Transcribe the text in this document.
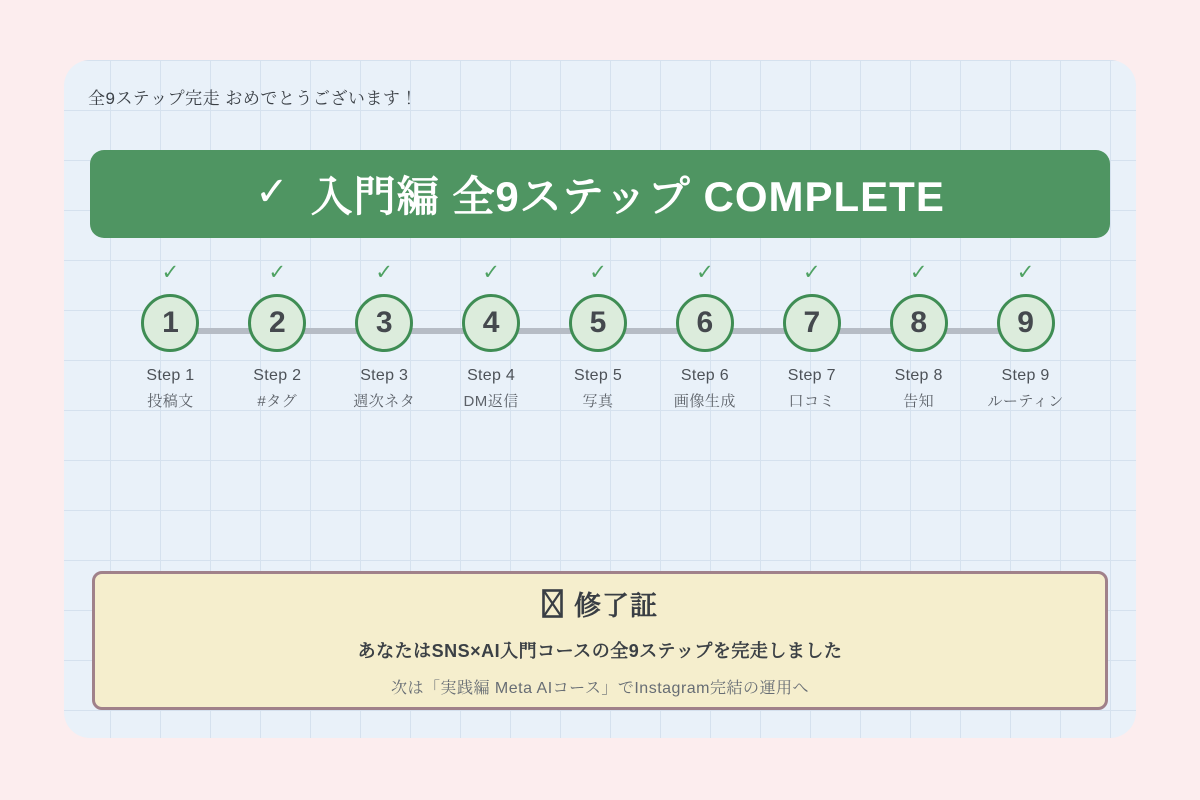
全9ステップ完走 おめでとうございます！
✓ 入門編 全9ステップ COMPLETE
✓
1
Step 1
投稿文
✓
2
Step 2
#タグ
✓
3
Step 3
週次ネタ
✓
4
Step 4
DM返信
✓
5
Step 5
写真
✓
6
Step 6
画像生成
✓
7
Step 7
口コミ
✓
8
Step 8
告知
✓
9
Step 9
ルーティン
修了証
あなたはSNS×AI入門コースの全9ステップを完走しました
次は「実践編 Meta AIコース」でInstagram完結の運用へ
